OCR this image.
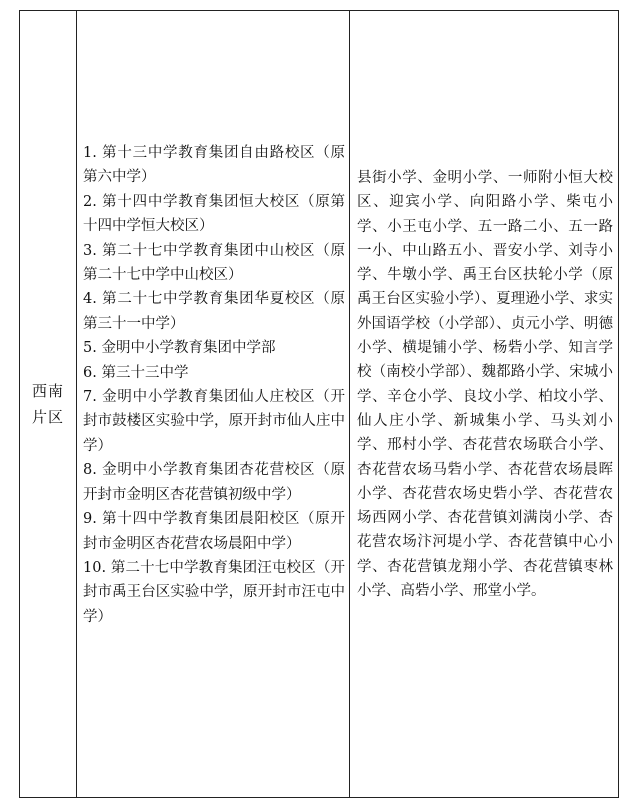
西南片区

1. 第十三中学教育集团自由路校区（原第六中学）

2. 第十四中学教育集团恒大校区（原第十四中学恒大校区）

3. 第二十七中学教育集团中山校区（原第二十七中学中山校区）

4. 第二十七中学教育集团华夏校区（原第三十一中学）

5. 金明中小学教育集团中学部

6. 第三十三中学

7. 金明中小学教育集团仙人庄校区（开封市鼓楼区实验中学，原开封市仙人庄中学）

8. 金明中小学教育集团杏花营校区（原开封市金明区杏花营镇初级中学）

9. 第十四中学教育集团晨阳校区（原开封市金明区杏花营农场晨阳中学）

10. 第二十七中学教育集团汪屯校区（开封市禹王台区实验中学，原开封市汪屯中学）

县街小学、金明小学、一师附小恒大校区、迎宾小学、向阳路小学、柴屯小学、小王屯小学、五一路二小、五一路一小、中山路五小、晋安小学、刘寺小学、牛墩小学、禹王台区扶轮小学（原禹王台区实验小学）、夏理逊小学、求实外国语学校（小学部）、贞元小学、明德小学、横堤铺小学、杨砦小学、知言学校（南校小学部）、魏都路小学、宋城小学、辛仓小学、良坟小学、柏坟小学、仙人庄小学、新城集小学、马头刘小学、邢村小学、杏花营农场联合小学、杏花营农场马砦小学、杏花营农场晨晖小学、杏花营农场史砦小学、杏花营农场西网小学、杏花营镇刘满岗小学、杏花营农场汴河堤小学、杏花营镇中心小学、杏花营镇龙翔小学、杏花营镇枣林小学、高砦小学、邢堂小学。
